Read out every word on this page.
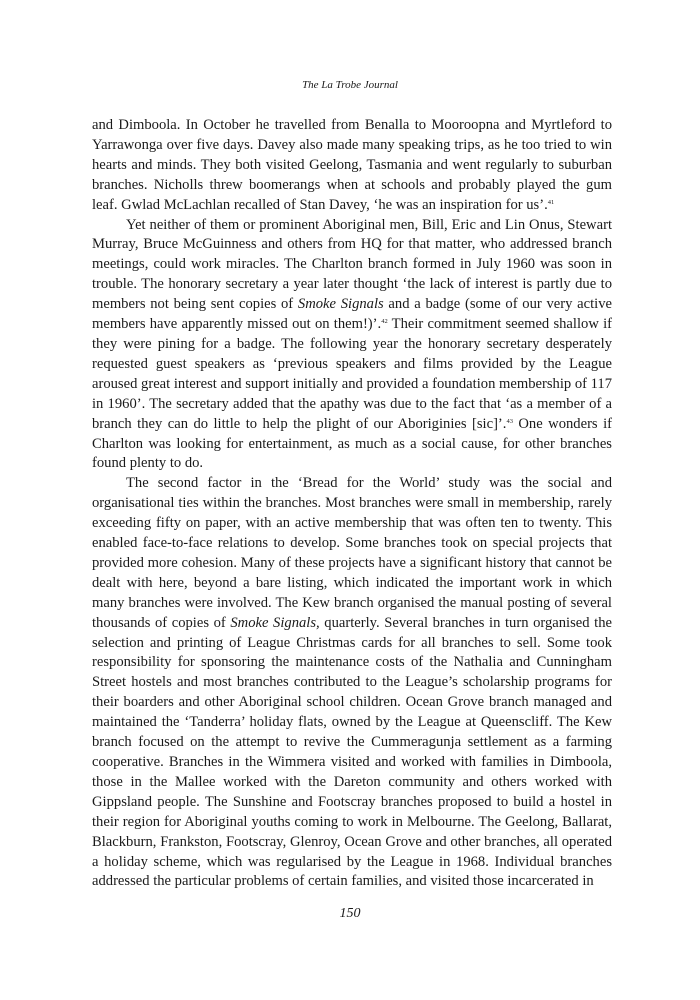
The La Trobe Journal

and Dimboola. In October he travelled from Benalla to Mooroopna and Myrtleford to Yarrawonga over five days. Davey also made many speaking trips, as he too tried to win hearts and minds. They both visited Geelong, Tasmania and went regularly to suburban branches. Nicholls threw boomerangs when at schools and probably played the gum leaf. Gwlad McLachlan recalled of Stan Davey, ‘he was an inspiration for us’.$^{41}$

Yet neither of them or prominent Aboriginal men, Bill, Eric and Lin Onus, Stewart Murray, Bruce McGuinness and others from HQ for that matter, who addressed branch meetings, could work miracles. The Charlton branch formed in July 1960 was soon in trouble. The honorary secretary a year later thought ‘the lack of interest is partly due to members not being sent copies of Smoke Signals and a badge (some of our very active members have apparently missed out on them!)’.$^{42}$ Their commitment seemed shallow if they were pining for a badge. The following year the honorary secretary desperately requested guest speakers as ‘previous speakers and films provided by the League aroused great interest and support initially and provided a foundation membership of 117 in 1960’. The secretary added that the apathy was due to the fact that ‘as a member of a branch they can do little to help the plight of our Aboriginies [sic]’.$^{43}$ One wonders if Charlton was looking for entertainment, as much as a social cause, for other branches found plenty to do.

The second factor in the ‘Bread for the World’ study was the social and organisational ties within the branches. Most branches were small in membership, rarely exceeding fifty on paper, with an active membership that was often ten to twenty. This enabled face-to-face relations to develop. Some branches took on special projects that provided more cohesion. Many of these projects have a significant history that cannot be dealt with here, beyond a bare listing, which indicated the important work in which many branches were involved. The Kew branch organised the manual posting of several thousands of copies of Smoke Signals, quarterly. Several branches in turn organised the selection and printing of League Christmas cards for all branches to sell. Some took responsibility for sponsoring the maintenance costs of the Nathalia and Cunningham Street hostels and most branches contributed to the League’s scholarship programs for their boarders and other Aboriginal school children. Ocean Grove branch managed and maintained the ‘Tanderra’ holiday flats, owned by the League at Queenscliff. The Kew branch focused on the attempt to revive the Cummeragunja settlement as a farming cooperative. Branches in the Wimmera visited and worked with families in Dimboola, those in the Mallee worked with the Dareton community and others worked with Gippsland people. The Sunshine and Footscray branches proposed to build a hostel in their region for Aboriginal youths coming to work in Melbourne. The Geelong, Ballarat, Blackburn, Frankston, Footscray, Glenroy, Ocean Grove and other branches, all operated a holiday scheme, which was regularised by the League in 1968. Individual branches addressed the particular problems of certain families, and visited those incarcerated in

150
